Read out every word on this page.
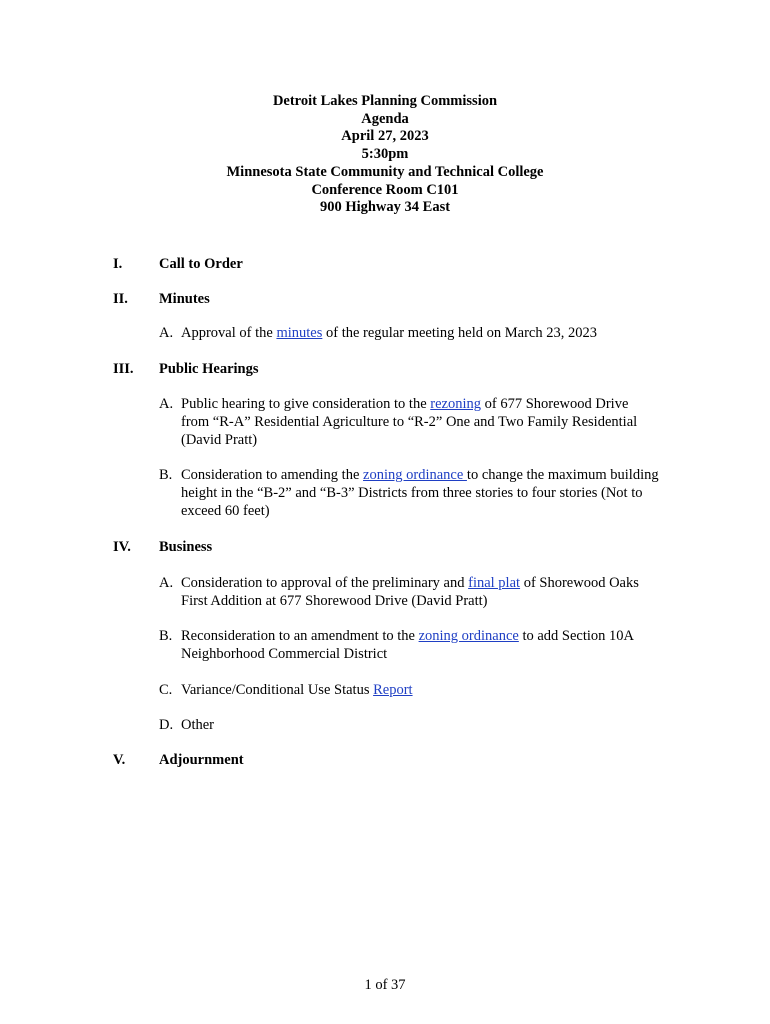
Detroit Lakes Planning Commission
Agenda
April 27, 2023
5:30pm
Minnesota State Community and Technical College
Conference Room C101
900 Highway 34 East
I.	Call to Order
II. Minutes
A. Approval of the minutes of the regular meeting held on March 23, 2023
III. Public Hearings
A. Public hearing to give consideration to the rezoning of 677 Shorewood Drive
from “R-A” Residential Agriculture to “R-2” One and Two Family Residential
(David Pratt)
B. Consideration to amending the zoning ordinance to change the maximum building
height in the “B-2” and “B-3” Districts from three stories to four stories (Not to
exceed 60 feet)
IV. Business
A. Consideration to approval of the preliminary and final plat of Shorewood Oaks
First Addition at 677 Shorewood Drive (David Pratt)
B. Reconsideration to an amendment to the zoning ordinance to add Section 10A
Neighborhood Commercial District
C. Variance/Conditional Use Status Report
D. Other
V. Adjournment
1 of 37
